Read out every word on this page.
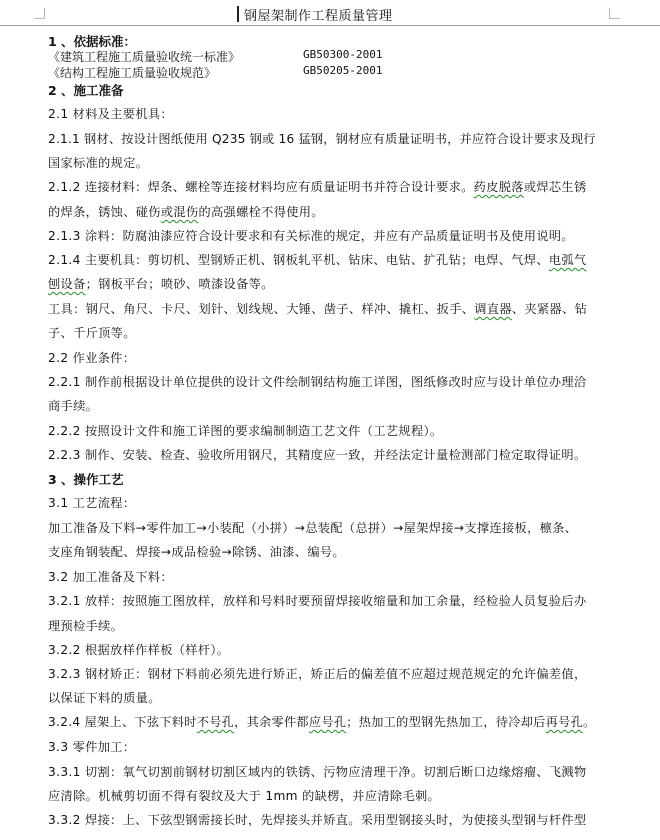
钢屋架制作工程质量管理
1 、依据标准：
《建筑工程施工质量验收统一标准》	GB50300-2001
《结构工程施工质量验收规范》	GB50205-2001
2 、施工准备
2.1 材料及主要机具：
2.1.1 钢材、按设计图纸使用 Q235 钢或 16 猛钢，钢材应有质量证明书，并应符合设计要求及现行
国家标准的规定。
2.1.2 连接材料：焊条、螺栓等连接材料均应有质量证明书并符合设计要求。药皮脱落或焊芯生锈
的焊条，锈蚀、碰伤或混伤的高强螺栓不得使用。
2.1.3 涂料：防腐油漆应符合设计要求和有关标准的规定，并应有产品质量证明书及使用说明。
2.1.4 主要机具：剪切机、型钢矫正机、钢板轧平机、钻床、电钻、扩孔钻；电焊、气焊、电弧气
刨设备；钢板平台；喷砂、喷漆设备等。
工具：钢尺、角尺、卡尺、划针、划线规、大锤、凿子、样冲、撬杠、扳手、调直器、夹紧器、钻
子、千斤顶等。
2.2 作业条件：
2.2.1 制作前根据设计单位提供的设计文件绘制钢结构施工详图，图纸修改时应与设计单位办理洽
商手续。
2.2.2 按照设计文件和施工详图的要求编制制造工艺文件（工艺规程）。
2.2.3 制作、安装、检查、验收所用钢尺，其精度应一致，并经法定计量检测部门检定取得证明。
3 、操作工艺
3.1 工艺流程：
加工准备及下料→零件加工→小装配（小拼）→总装配（总拼）→屋架焊接→支撑连接板，檩条、
支座角钢装配、焊接→成品检验→除锈、油漆、编号。
3.2 加工准备及下料：
3.2.1 放样：按照施工图放样，放样和号料时要预留焊接收缩量和加工余量，经检验人员复验后办
理预检手续。
3.2.2 根据放样作样板（样杆）。
3.2.3 钢材矫正：钢材下料前必须先进行矫正，矫正后的偏差值不应超过规范规定的允许偏差值，
以保证下料的质量。
3.2.4 屋架上、下弦下料时不号孔，其余零件都应号孔；热加工的型钢先热加工，待冷却后再号孔。
3.3 零件加工：
3.3.1 切割：氧气切割前钢材切割区域内的铁锈、污物应清理干净。切割后断口边缘熔瘤、飞溅物
应清除。机械剪切面不得有裂纹及大于 1mm 的缺楞，并应清除毛刺。
3.3.2 焊接：上、下弦型钢需接长时，先焊接头并矫直。采用型钢接头时，为使接头型钢与杆件型
